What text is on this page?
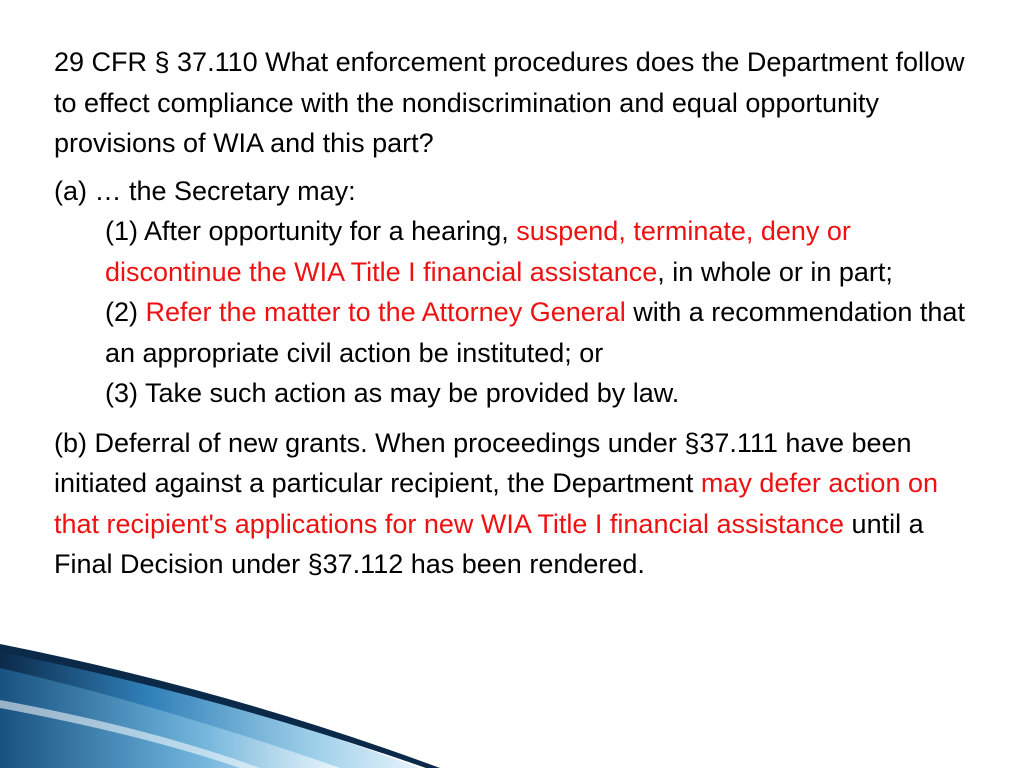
29 CFR § 37.110 What enforcement procedures does the Department follow to effect compliance with the nondiscrimination and equal opportunity provisions of WIA and this part?

(a) … the Secretary may:

(1) After opportunity for a hearing, suspend, terminate, deny or discontinue the WIA Title I financial assistance, in whole or in part;

(2) Refer the matter to the Attorney General with a recommendation that an appropriate civil action be instituted; or

(3) Take such action as may be provided by law.

(b) Deferral of new grants. When proceedings under §37.111 have been initiated against a particular recipient, the Department may defer action on that recipient's applications for new WIA Title I financial assistance until a Final Decision under §37.112 has been rendered.
